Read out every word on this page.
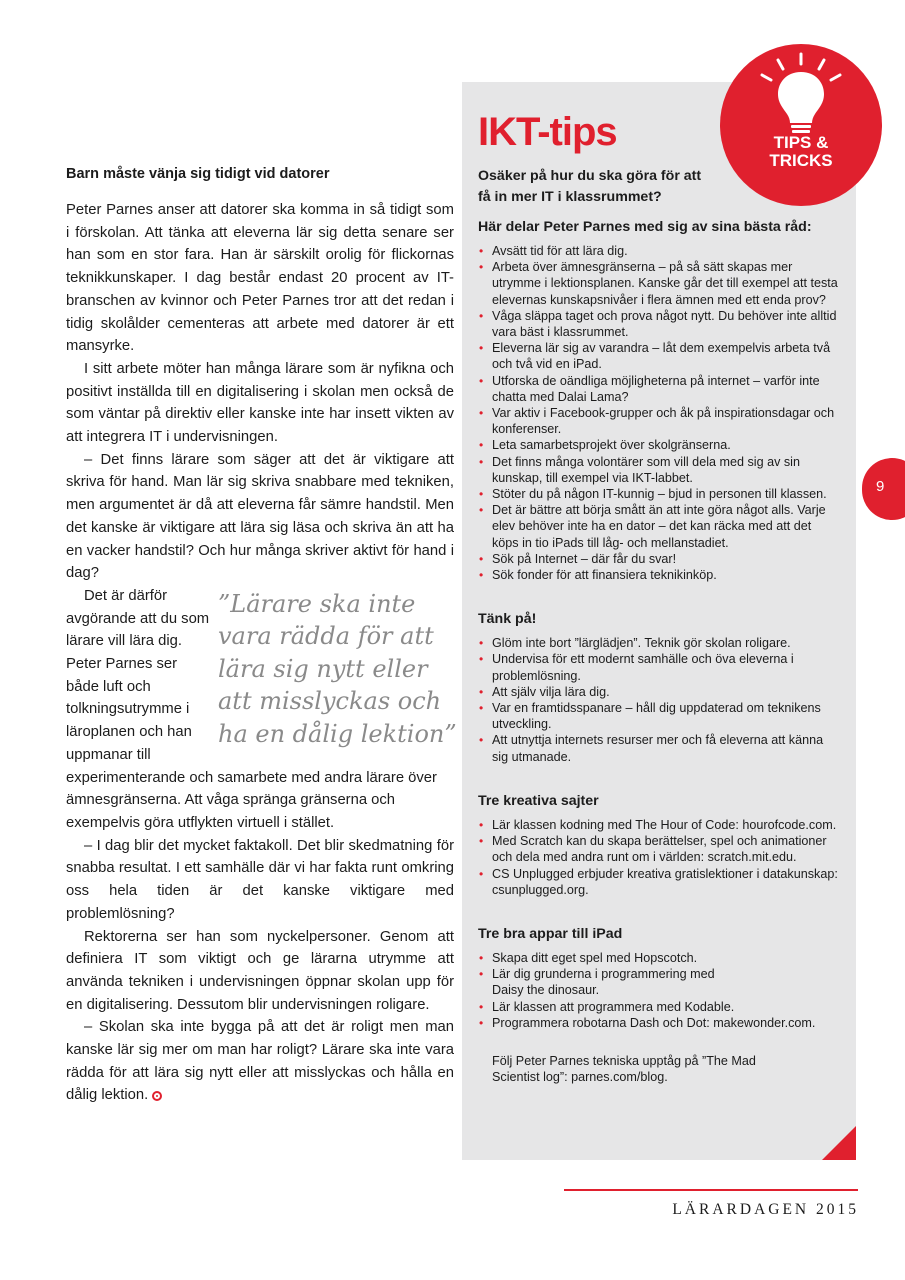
Barn måste vänja sig tidigt vid datorer

Peter Parnes anser att datorer ska komma in så tidigt som i förskolan. Att tänka att eleverna lär sig detta senare ser han som en stor fara. Han är särskilt orolig för flickornas teknikkunskaper. I dag består endast 20 procent av IT-branschen av kvinnor och Peter Parnes tror att det redan i tidig skolålder cementeras att arbete med datorer är ett mansyrke.

I sitt arbete möter han många lärare som är nyfikna och positivt inställda till en digitalisering i skolan men också de som väntar på direktiv eller kanske inte har insett vikten av att integrera IT i undervisningen.

– Det finns lärare som säger att det är viktigare att skriva för hand. Man lär sig skriva snabbare med tekniken, men argumentet är då att eleverna får sämre handstil. Men det kanske är viktigare att lära sig läsa och skriva än att ha en vacker handstil? Och hur många skriver aktivt för hand i dag?

”Lärare ska inte vara rädda för att lära sig nytt eller att misslyckas och ha en dålig lektion”

Det är därför avgörande att du som lärare vill lära dig. Peter Parnes ser både luft och tolkningsutrymme i läroplanen och han uppmanar till experimenterande och samarbete med andra lärare över ämnesgränserna. Att våga spränga gränserna och exempelvis göra utflykten virtuell i stället.

– I dag blir det mycket faktakoll. Det blir skedmatning för snabba resultat. I ett samhälle där vi har fakta runt omkring oss hela tiden är det kanske viktigare med problemlösning?

Rektorerna ser han som nyckelpersoner. Genom att definiera IT som viktigt och ge lärarna utrymme att använda tekniken i undervisningen öppnar skolan upp för en digitalisering. Dessutom blir undervisningen roligare.

– Skolan ska inte bygga på att det är roligt men man kanske lär sig mer om man har roligt? Lärare ska inte vara rädda för att lära sig nytt eller att misslyckas och hålla en dålig lektion.

IKT-tips

Osäker på hur du ska göra för att få in mer IT i klassrummet?

Här delar Peter Parnes med sig av sina bästa råd:

• Avsätt tid för att lära dig.
• Arbeta över ämnesgränserna – på så sätt skapas mer utrymme i lektionsplanen. Kanske går det till exempel att testa elevernas kunskapsnivåer i flera ämnen med ett enda prov?
• Våga släppa taget och prova något nytt. Du behöver inte alltid vara bäst i klassrummet.
• Eleverna lär sig av varandra – låt dem exempelvis arbeta två och två vid en iPad.
• Utforska de oändliga möjligheterna på internet – varför inte chatta med Dalai Lama?
• Var aktiv i Facebook-grupper och åk på inspirationsdagar och konferenser.
• Leta samarbetsprojekt över skolgränserna.
• Det finns många volontärer som vill dela med sig av sin kunskap, till exempel via IKT-labbet.
• Stöter du på någon IT-kunnig – bjud in personen till klassen.
• Det är bättre att börja smått än att inte göra något alls. Varje elev behöver inte ha en dator – det kan räcka med att det köps in tio iPads till låg- och mellanstadiet.
• Sök på Internet – där får du svar!
• Sök fonder för att finansiera teknikinköp.
Tänk på!
• Glöm inte bort ”lärglädjen”. Teknik gör skolan roligare.
• Undervisa för ett modernt samhälle och öva eleverna i problemlösning.
• Att själv vilja lära dig.
• Var en framtidsspanare – håll dig uppdaterad om teknikens utveckling.
• Att utnyttja internets resurser mer och få eleverna att känna sig utmanade.
Tre kreativa sajter
• Lär klassen kodning med The Hour of Code: hourofcode.com.
• Med Scratch kan du skapa berättelser, spel och animationer och dela med andra runt om i världen: scratch.mit.edu.
• CS Unplugged erbjuder kreativa gratislektioner i datakunskap: csunplugged.org.
Tre bra appar till iPad
• Skapa ditt eget spel med Hopscotch.
• Lär dig grunderna i programmering med Daisy the dinosaur.
• Lär klassen att programmera med Kodable.
• Programmera robotarna Dash och Dot: makewonder.com.

Följ Peter Parnes tekniska upptåg på ”The Mad Scientist log”: parnes.com/blog.

TIPS &
TRICKS
9
LÄRARDAGEN 2015
